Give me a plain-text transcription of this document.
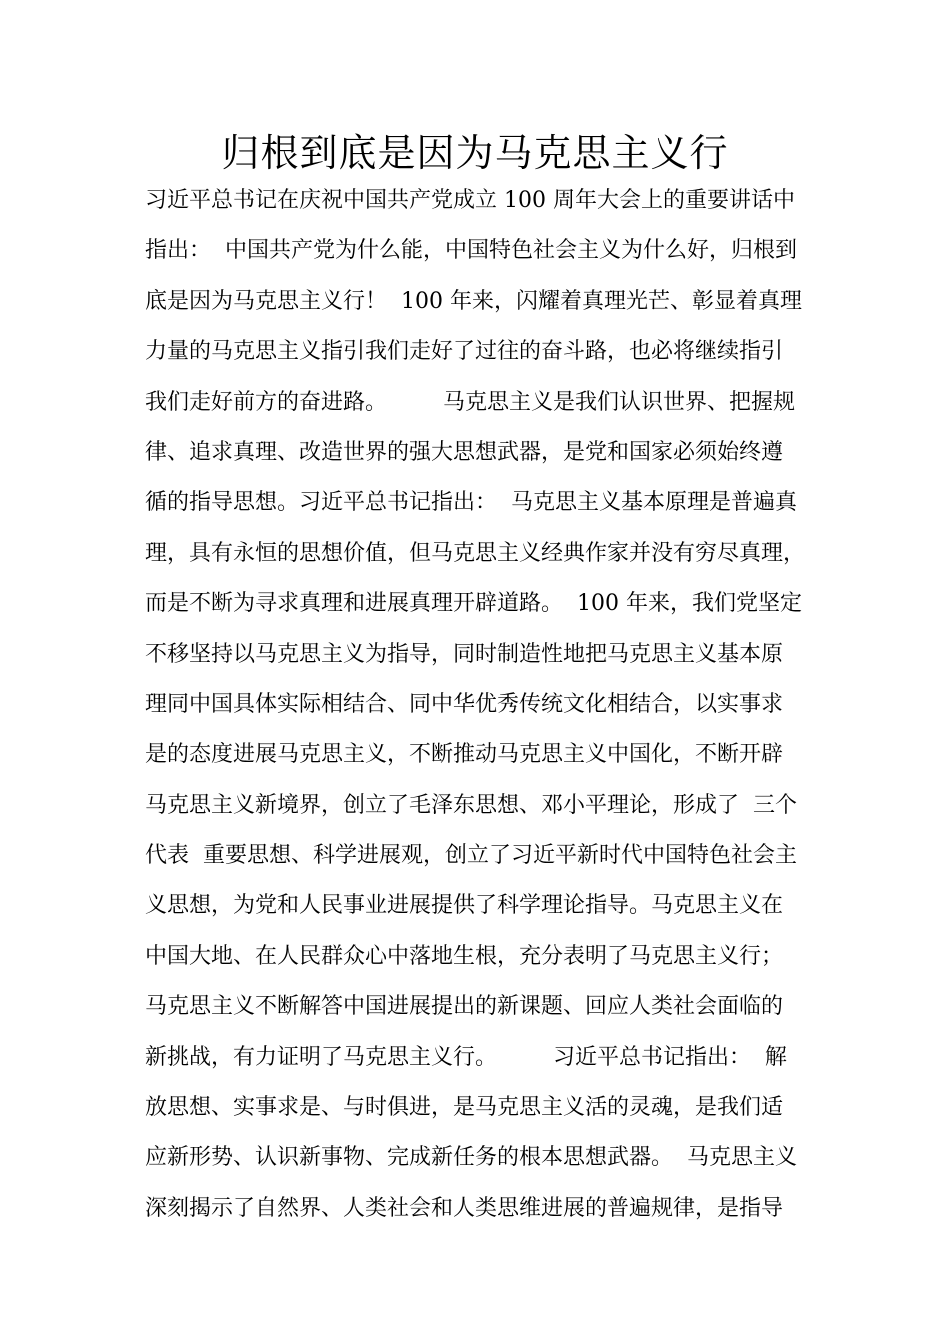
归根到底是因为马克思主义行
习近平总书记在庆祝中国共产党成立 100 周年大会上的重要讲话中
指出：  中国共产党为什么能，中国特色社会主义为什么好，归根到
底是因为马克思主义行！  100 年来，闪耀着真理光芒、彰显着真理
力量的马克思主义指引我们走好了过往的奋斗路，也必将继续指引
我们走好前方的奋进路。        马克思主义是我们认识世界、把握规
律、追求真理、改造世界的强大思想武器，是党和国家必须始终遵
循的指导思想。习近平总书记指出：  马克思主义基本原理是普遍真
理，具有永恒的思想价值，但马克思主义经典作家并没有穷尽真理，
而是不断为寻求真理和进展真理开辟道路。  100 年来，我们党坚定
不移坚持以马克思主义为指导，同时制造性地把马克思主义基本原
理同中国具体实际相结合、同中华优秀传统文化相结合，以实事求
是的态度进展马克思主义，不断推动马克思主义中国化，不断开辟
马克思主义新境界，创立了毛泽东思想、邓小平理论，形成了  三个
代表  重要思想、科学进展观，创立了习近平新时代中国特色社会主
义思想，为党和人民事业进展提供了科学理论指导。马克思主义在
中国大地、在人民群众心中落地生根，充分表明了马克思主义行；
马克思主义不断解答中国进展提出的新课题、回应人类社会面临的
新挑战，有力证明了马克思主义行。        习近平总书记指出：  解
放思想、实事求是、与时俱进，是马克思主义活的灵魂，是我们适
应新形势、认识新事物、完成新任务的根本思想武器。  马克思主义
深刻揭示了自然界、人类社会和人类思维进展的普遍规律，是指导
